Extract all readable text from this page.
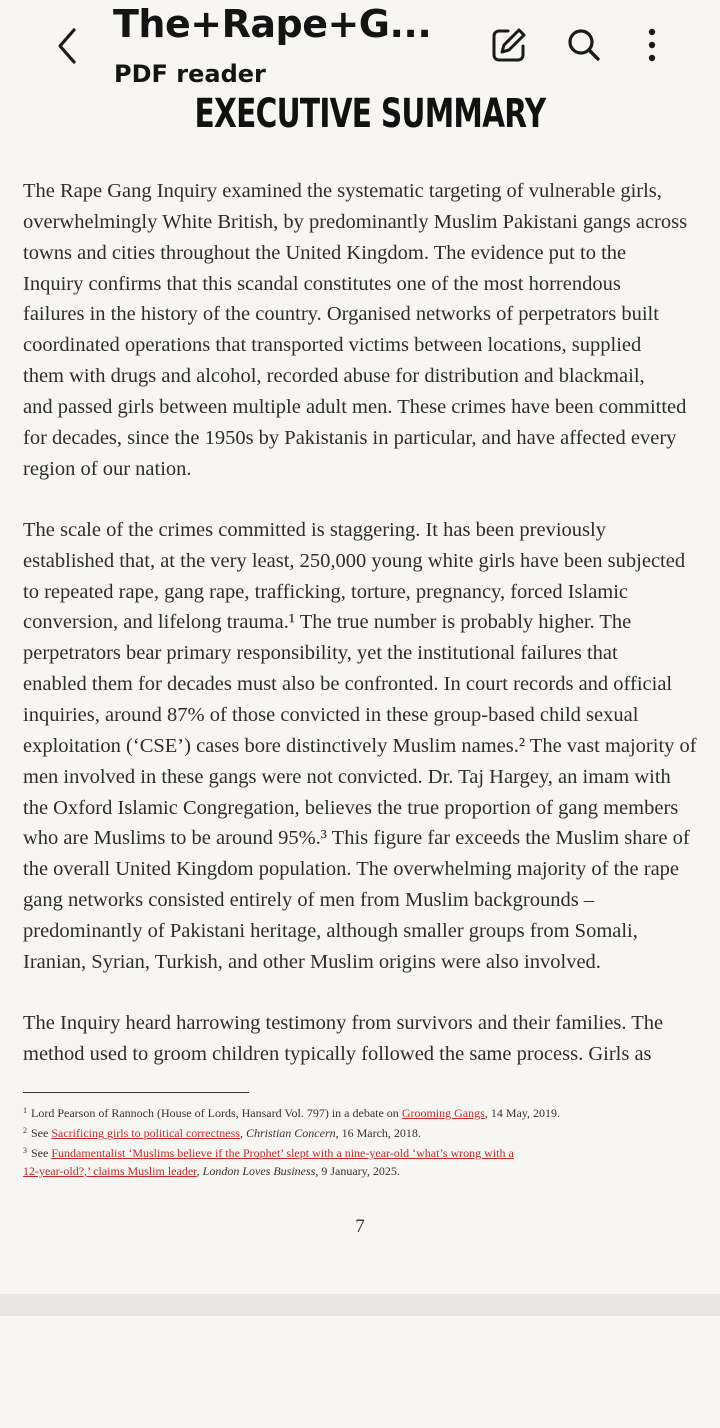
EXECUTIVE SUMMARY

The Rape Gang Inquiry examined the systematic targeting of vulnerable girls,
overwhelmingly White British, by predominantly Muslim Pakistani gangs across
towns and cities throughout the United Kingdom. The evidence put to the
Inquiry confirms that this scandal constitutes one of the most horrendous
failures in the history of the country. Organised networks of perpetrators built
coordinated operations that transported victims between locations, supplied
them with drugs and alcohol, recorded abuse for distribution and blackmail,
and passed girls between multiple adult men. These crimes have been committed
for decades, since the 1950s by Pakistanis in particular, and have affected every
region of our nation.

The scale of the crimes committed is staggering. It has been previously
established that, at the very least, 250,000 young white girls have been subjected
to repeated rape, gang rape, trafficking, torture, pregnancy, forced Islamic
conversion, and lifelong trauma.¹ The true number is probably higher. The
perpetrators bear primary responsibility, yet the institutional failures that
enabled them for decades must also be confronted. In court records and official
inquiries, around 87% of those convicted in these group-based child sexual
exploitation (‘CSE’) cases bore distinctively Muslim names.² The vast majority of
men involved in these gangs were not convicted. Dr. Taj Hargey, an imam with
the Oxford Islamic Congregation, believes the true proportion of gang members
who are Muslims to be around 95%.³ This figure far exceeds the Muslim share of
the overall United Kingdom population. The overwhelming majority of the rape
gang networks consisted entirely of men from Muslim backgrounds –
predominantly of Pakistani heritage, although smaller groups from Somali,
Iranian, Syrian, Turkish, and other Muslim origins were also involved.

The Inquiry heard harrowing testimony from survivors and their families. The
method used to groom children typically followed the same process. Girls as

$^1$ Lord Pearson of Rannoch (House of Lords, Hansard Vol. 797) in a debate on Grooming Gangs, 14 May, 2019.
$^2$ See Sacrificing girls to political correctness, Christian Concern, 16 March, 2018.
$^3$ See Fundamentalist ‘Muslims believe if the Prophet’ slept with a nine-year-old ‘what’s wrong with a
12-year-old?,’ claims Muslim leader, London Loves Business, 9 January, 2025.
7
The+Rape+G...
PDF reader
